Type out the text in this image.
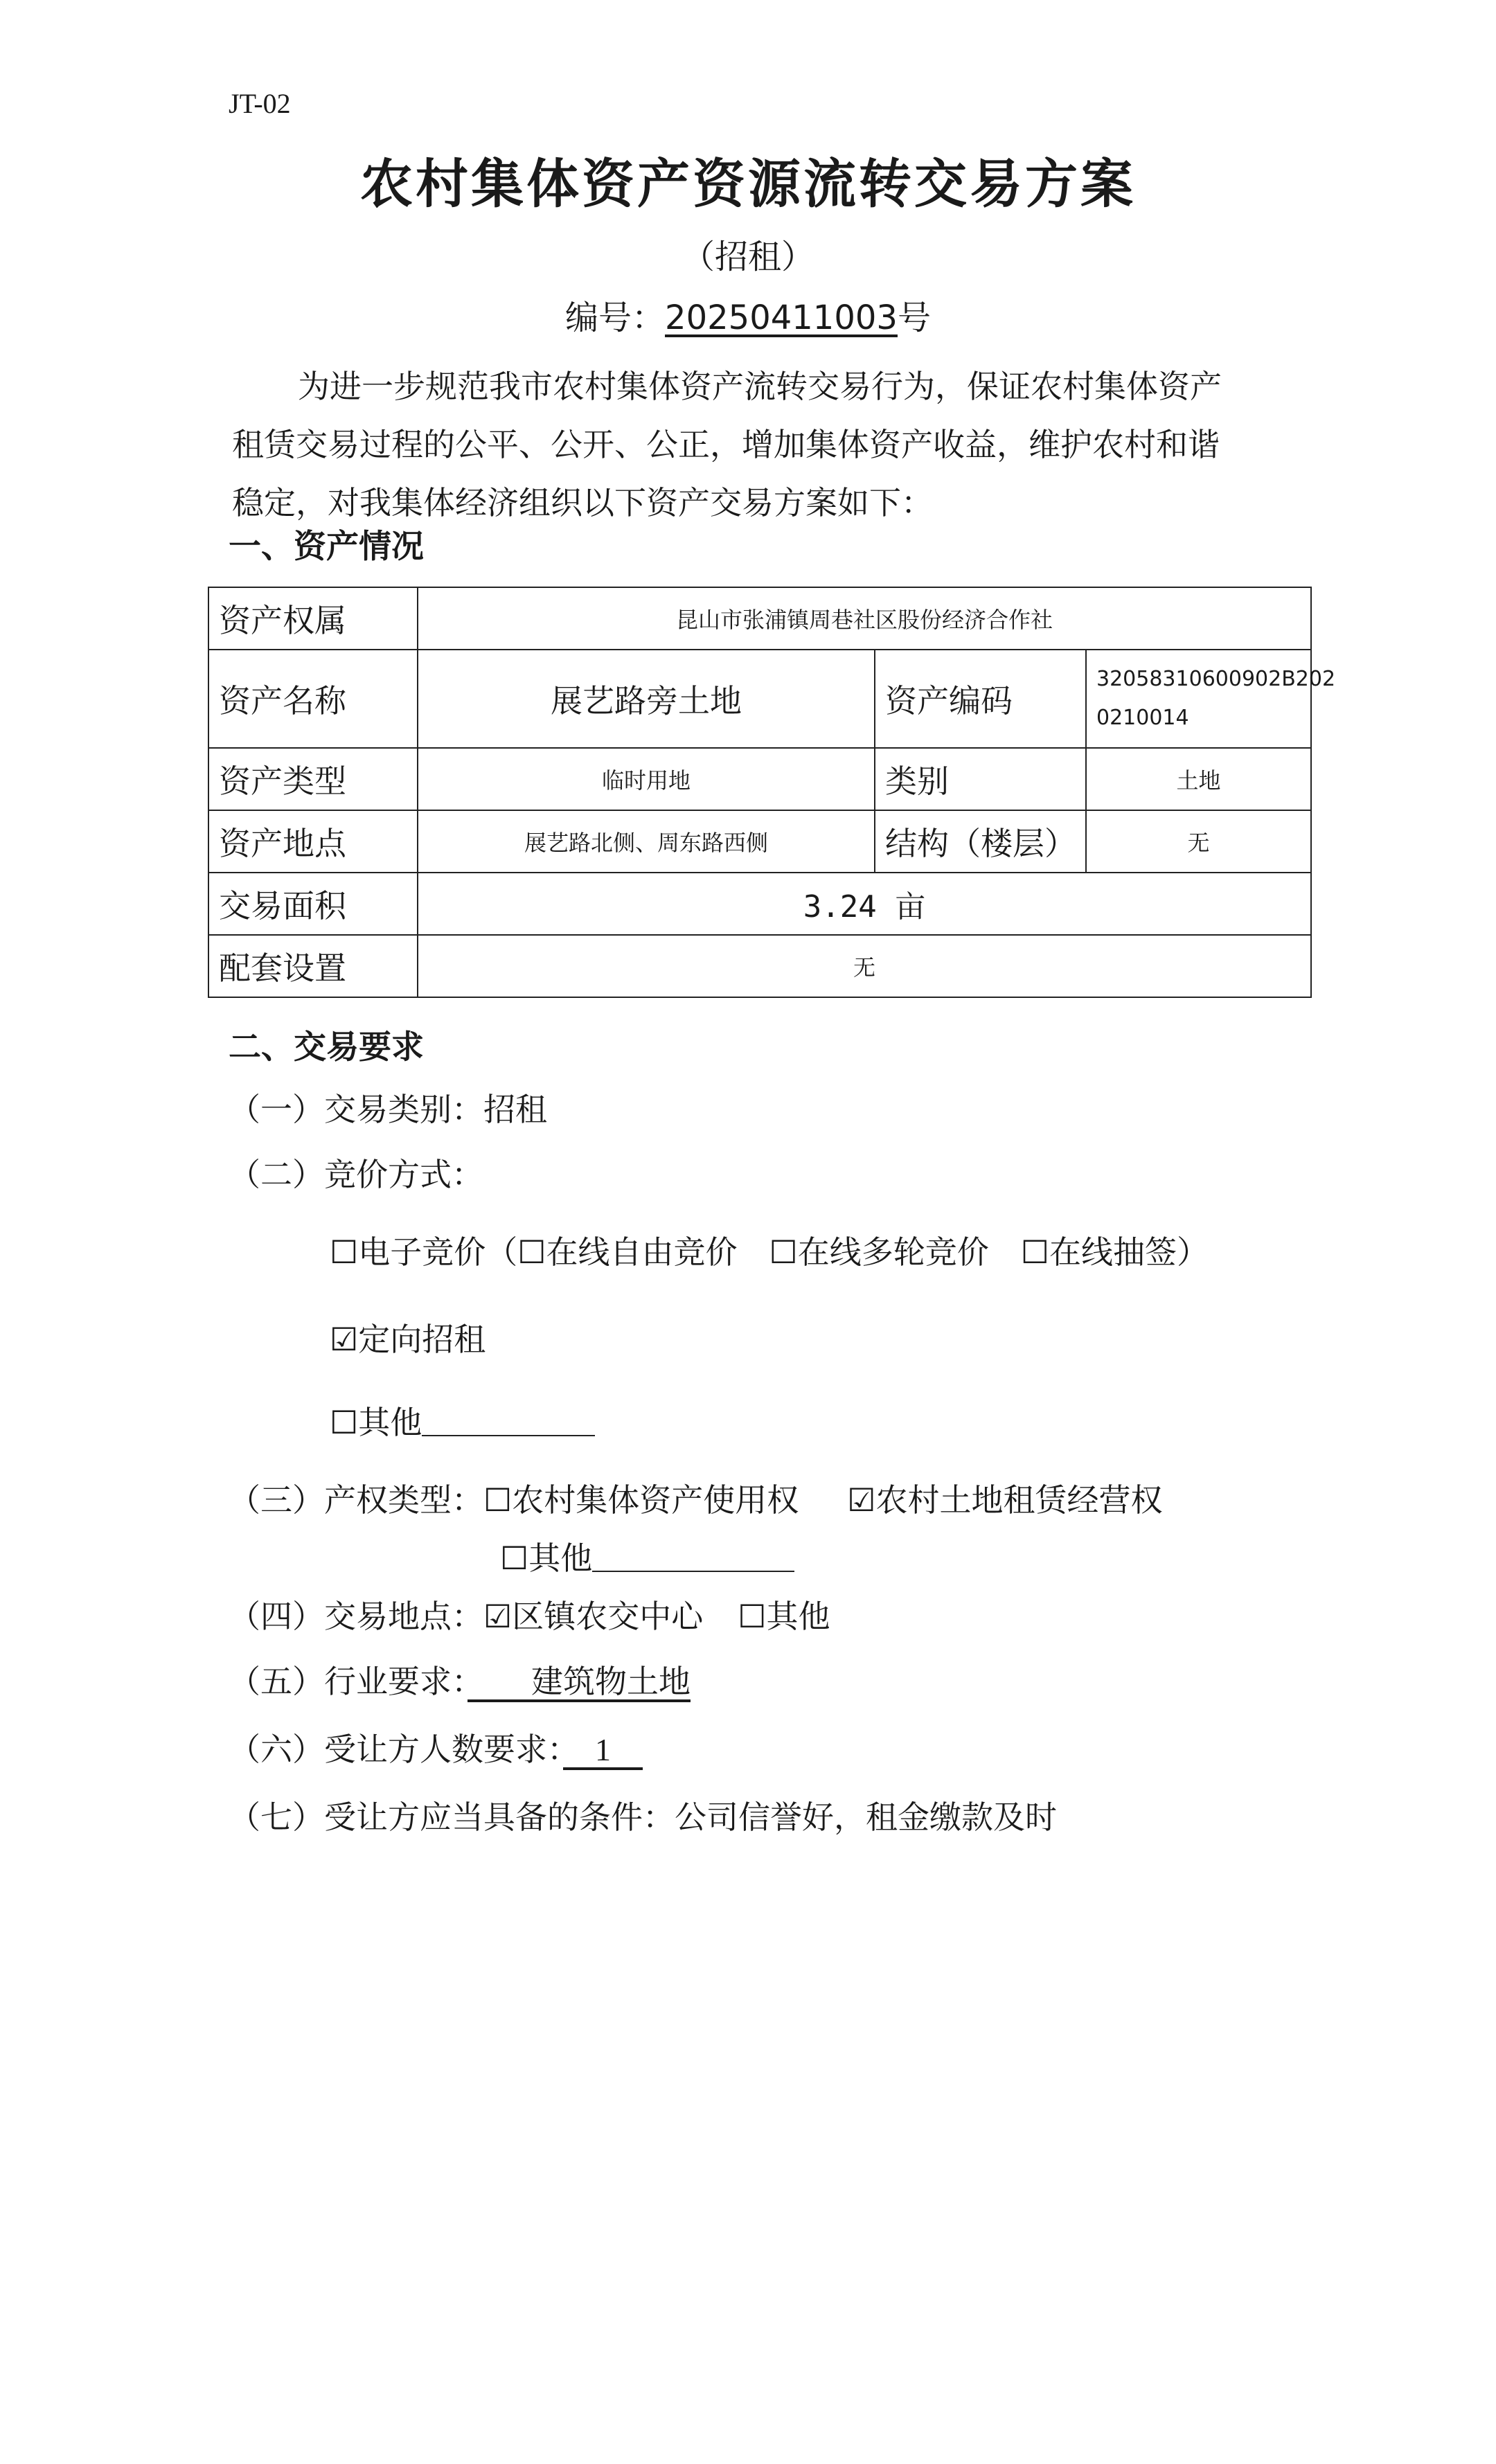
JT-02
农村集体资产资源流转交易方案
（招租）
编号：20250411003号
为进一步规范我市农村集体资产流转交易行为，保证农村集体资产
租赁交易过程的公平、公开、公正，增加集体资产收益，维护农村和谐
稳定，对我集体经济组织以下资产交易方案如下：
一、资产情况
资产权属	昆山市张浦镇周巷社区股份经济合作社		
资产名称	展艺路旁土地	资产编码	32058310600902B202
0210014

资产类型	临时用地	类别	土地
资产地点	展艺路北侧、周东路西侧	结构（楼层）	无
交易面积	3.24 亩		
配套设置	无		
二、交易要求
（一）交易类别：招租
（二）竞价方式：
☐电子竞价（☐在线自由竞价　☐在线多轮竞价　☐在线抽签）
☑定向招租
☐其他
（三）产权类型：☐农村集体资产使用权 ☑农村土地租赁经营权
☐其他
（四）交易地点：☑区镇农交中心 ☐其他
（五）行业要求：　　建筑物土地
（六）受让方人数要求：　1　
（七）受让方应当具备的条件：公司信誉好，租金缴款及时
